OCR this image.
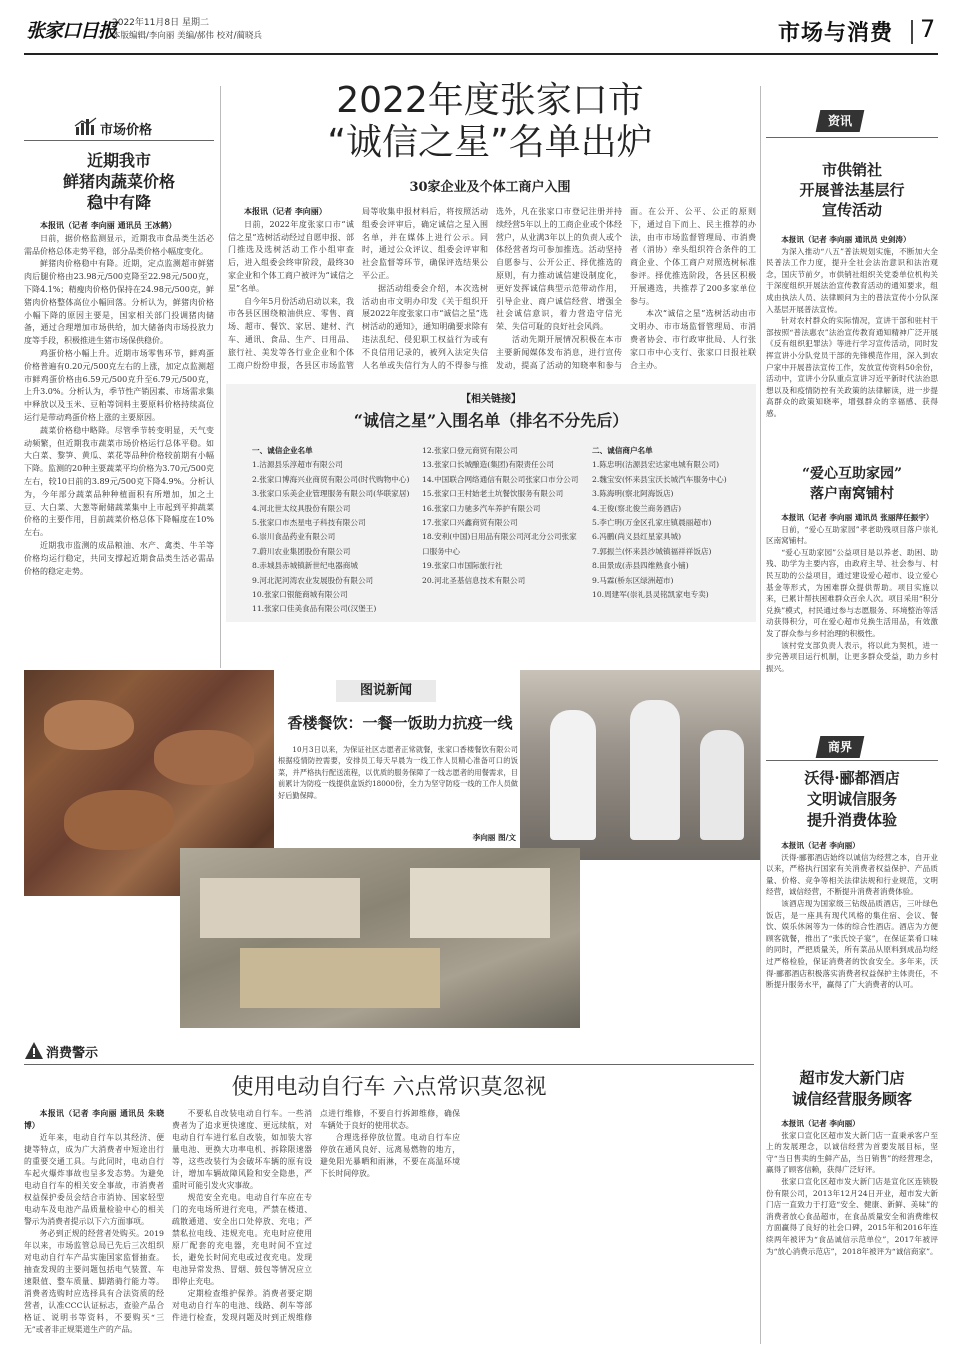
张家口日报
2022年11月8日 星期二
本版编辑/李向丽 美编/郝伟 校对/蔺晓兵	市场与消费 7
市场价格
近期我市
鲜猪肉蔬菜价格
稳中有降

本报讯（记者 李向丽 通讯员 王冰鹤）

日前，据价格监测显示，近期我市食品类生活必需品价格总体走势平稳，部分品类价格小幅度变化。

鲜猪肉价格稳中有降。近期，定点监测超市鲜猪肉后腿价格由23.98元/500克降至22.98元/500克，下降4.1%；精瘦肉价格仍保持在24.98元/500克，鲜猪肉价格整体高位小幅回落。分析认为，鲜猪肉价格小幅下降的原因主要是，国家相关部门投调猪肉储备，通过合理增加市场供给，加大储备肉市场投放力度等手段，积极推进生猪市场保供稳价。

鸡蛋价格小幅上升。近期市场零售环节，鲜鸡蛋价格普遍有0.20元/500克左右的上涨，加定点监测超市鲜鸡蛋价格由6.59元/500克升至6.79元/500克，上升3.0%。分析认为，季节性产销因素、市场需求集中释放以及玉米、豆粕等饲料主要原料价格持续高位运行是带动鸡蛋价格上涨的主要原因。

蔬菜价格稳中略降。尽管季节转变明显，天气变动频繁，但近期我市蔬菜市场价格运行总体平稳。如大白菜、黎笋、黄瓜、菜花等品种价格较前期有小幅下降。监测的20种主要蔬菜平均价格为3.70元/500克左右，较10日前的3.89元/500克下降4.9%。分析认为，今年部分蔬菜品种种植面积有所增加，加之土豆、大白菜、大葱等耐储蔬菜集中上市起到平抑蔬菜价格的主要作用，目前蔬菜价格总体下降幅度在10%左右。

近期我市监测的成品粮油、水产、禽类、牛羊等价格均运行稳定，共同支撑起近期食品类生活必需品价格的稳定走势。

2022年度张家口市
“诚信之星”名单出炉
30家企业及个体工商户入围

本报讯（记者 李向丽）

日前，2022年度张家口市“诚信之星”选树活动经过自愿申报、部门推选及选树活动工作小组审查后，进入组委会终审阶段，最终30家企业和个体工商户被评为“诚信之星”名单。

自今年5月份活动启动以来，我市各县区围绕粮油供应、零售、商场、超市、餐饮、家居、建材、汽车、通讯、食品、生产、日用品、旅行社、美发等各行业企业和个体工商户纷纷申报，各县区市场监管局等收集申报材料后，将按照活动组委会评审后，确定诚信之星入围名单，并在媒体上进行公示。同时，通过公众评议、组委会评审和社会监督等环节，确保评选结果公平公正。

据活动组委会介绍，本次选树活动由市文明办印发《关于组织开展2022年度张家口市“诚信之星”选树活动的通知》，通知明确要求除有违法乱纪、侵犯职工权益行为或有不良信用记录的，被列入法定失信人名单或失信行为人的不得参与推选外，凡在张家口市登记注册并持续经营5年以上的工商企业或个体经营户，从业满3年以上的负责人或个体经营者均可参加推选。活动坚持自愿参与、公开公正、择优推选的原则，有力推动诚信建设制度化，更好发挥诚信典型示范带动作用，引导企业、商户诚信经营、增强全社会诚信意识，着力营造守信光荣、失信可耻的良好社会风尚。

活动先期开展情况积极在本市主要新闻媒体发布消息，进行宣传发动，提高了活动的知晓率和参与面。在公开、公平、公正的原则下，通过自下而上、民主推荐的办法，由市市场监督管理局、市消费者（消协）牵头组织符合条件的工商企业、个体工商户对照选树标准参评。择优推选阶段，各县区积极开展遴选，共推荐了200多家单位参与。

本次“诚信之星”选树活动由市文明办、市市场监督管理局、市消费者协会、市行政审批局、人行张家口市中心支行、张家口日报社联合主办。

【相关链接】
“诚信之星”入围名单（排名不分先后）
一、诚信企业名单
1.沽源县乐淳超市有限公司
2.张家口博海兴业商贸有限公司(时代购物中心)
3.张家口乐美企业管理服务有限公司(华联家居)
4.河北世太纹具股份有限公司
5.张家口市杰星电子科技有限公司
6.崇川食品药业有限公司
7.蔚川农业集团股份有限公司
8.赤城县赤城镇新世纪电器商城
9.河北泥河湾农业发展股份有限公司
10.张家口银能商城有限公司
11.张家口佳美食品有限公司(汉堡王)
12.张家口登元商贸有限公司
13.张家口长城酿造(集团)有限责任公司
14.中国联合网络通信有限公司张家口市分公司
15.张家口王村始老土坑餐饮服务有限公司
16.张家口力驰多汽车养护有限公司
17.张家口兴鑫商贸有限公司
18.安利(中国)日用品有限公司河北分公司张家口服务中心
19.张家口市国际旅行社
20.河北圣基信息技术有限公司
二、诚信商户名单
1.陈忠明(沽源县宏达家电城有限公司)
2.魏宝安(怀来县宝沃长城汽车服务中心)
3.陈海明(察北阿海饭店)
4.王俊(察北俊兰商务酒店)
5.李亡明(万金区孔家庄镇晨丽超市)
6.冯鹏(尚义县红星家具城)
7.郭振兰(怀来县沙城镇福祥祥饭店)
8.田景成(赤县四维熟食小铺)
9.马霖(桥东区绿洲超市)
10.周建军(崇礼县灵铭凯家电专卖)
资讯
市供销社
开展普法基层行
宣传活动

本报讯（记者 李向丽 通讯员 史剑涛）

为深入推动“八五”普法规划实施，不断加大全民普法工作力度，提升全社会法治意识和法治观念，国庆节前夕，市供销社组织关党委单位机构关于深度组织开展法治宣传教育活动的通知要求，组成由执法人员、法律顾问为主的普法宣传小分队深入基层开展普法宣传。

针对农村群众的实际情况，宣讲干部和驻村干部按照“普法惠农”法治宣传教育通知精神广泛开展《反有组织犯罪法》等进行学习宣传活动，同时发挥宣讲小分队党员干部的先锋模范作用，深入到农户家中开展普法宣传工作，发放宣传资料50余份，活动中，宣讲小分队重点宣讲习近平新时代法治思想以及和疫情防控有关政策的法律解读，进一步提高群众的政策知晓率，增强群众的幸福感、获得感。

“爱心互助家园”
落户南窝铺村

本报讯（记者 李向丽 通讯员 张丽萍任振宇）

日前，“爱心互助家园”孝老助残项目落户崇礼区南窝铺村。

“爱心互助家园”公益项目是以养老、助困、助残、助学为主要内容，由政府主导、社会参与、村民互助的公益项目，通过建设爱心超市、设立爱心基金等形式，为困难群众提供帮助。项目实施以来，已累计帮扶困难群众百余人次。项目采用“积分兑换”模式，村民通过参与志愿服务、环境整治等活动获得积分，可在爱心超市兑换生活用品，有效激发了群众参与乡村治理的积极性。

该村党支部负责人表示，将以此为契机，进一步完善项目运行机制，让更多群众受益，助力乡村振兴。

商界
沃得·郦都酒店
文明诚信服务
提升消费体验

本报讯（记者 李向丽）

沃得·郦都酒店始终以诚信为经营之本，自开业以来，严格执行国家有关消费者权益保护、产品质量、价格、竞争等相关法律法规和行业规范，文明经营，诚信经营，不断提升消费者消费体验。

该酒店现为国家级三钻级品质酒店，三叶绿色饭店，是一座具有现代风格的集住宿、会议、餐饮、娱乐休闲等为一体的综合性酒店。酒店为方便顾客就餐，推出了“张氏饺子宴”，在保证菜肴口味的同时，严把质量关，所有菜品从原料到成品均经过严格检验，保证消费者的饮食安全。多年来，沃得·郦都酒店积极落实消费者权益保护主体责任，不断提升服务水平，赢得了广大消费者的认可。

超市发大新门店
诚信经营服务顾客

本报讯（记者 李向丽）

张家口宣化区超市发大新门店一直秉承客户至上的发展理念，以诚信经营为首要发展目标，坚守“当日售卖的生鲜产品，当日销售”的经营理念，赢得了顾客信赖，获得广泛好评。

张家口宣化区超市发大新门店是宣化区连锁股份有限公司，2013年12月24日开业，超市发大新门店一直致力于打造“安全、健康、新鲜、美味”的消费者放心食品超市，在食品质量安全和消费维权方面赢得了良好的社会口碑，2015年和2016年连续两年被评为“食品诚信示范单位”，2017年被评为“放心消费示范店”，2018年被评为“诚信商家”。

图说新闻
香楼餐饮：一餐一饭助力抗疫一线
10月3日以来，为保证社区志愿者正常就餐，张家口香楼餐饮有限公司根据疫情防控需要，安排员工每天早晨为一线工作人员精心准备可口的饭菜，并严格执行配送流程，以优质的服务保障了一线志愿者的用餐需求，目前累计为防疫一线提供盒饭约18000份，全力为坚守防疫一线的工作人员做好后勤保障。
李向丽 图/文
消费警示
使用电动自行车 六点常识莫忽视

本报讯（记者 李向丽 通讯员 朱晓博）

近年来，电动自行车以其经济、便捷等特点，成为广大消费者中短途出行的重要交通工具。与此同时，电动自行车起火爆炸事故也呈多发态势。为避免电动自行车的相关安全事故，市消费者权益保护委员会结合市消协、国家轻型电动车及电池产品质量检验中心的相关警示为消费者提示以下六方面事项。

务必到正规的经营者处购买。2019年以来，市场监管总局已先后三次组织对电动自行车产品实施国家监督抽查。抽查发现的主要问题包括电气装置、车速限值、整车质量、脚踏骑行能力等。消费者选购时应选择具有合法资质的经营者，认准CCC认证标志，查验产品合格证、说明书等资料，不要购买“三无”或者非正规渠道生产的产品。

不要私自改装电动自行车。一些消费者为了追求更快速度、更远续航，对电动自行车进行私自改装，如加装大容量电池、更换大功率电机、拆除限速器等，这些改装行为会破坏车辆的原有设计，增加车辆故障风险和安全隐患，严重时可能引发火灾事故。

规范安全充电。电动自行车应在专门的充电场所进行充电，严禁在楼道、疏散通道、安全出口处停放、充电；严禁私拉电线、违规充电。充电时应使用原厂配套的充电器，充电时间不宜过长，避免长时间充电或过夜充电。发现电池异常发热、冒烟、鼓包等情况应立即停止充电。

定期检查维护保养。消费者要定期对电动自行车的电池、线路、刹车等部件进行检查，发现问题及时到正规维修点进行维修，不要自行拆卸维修，确保车辆处于良好的使用状态。

合理选择停放位置。电动自行车应停放在通风良好、远离易燃物的地方，避免阳光暴晒和雨淋，不要在高温环境下长时间停放。
